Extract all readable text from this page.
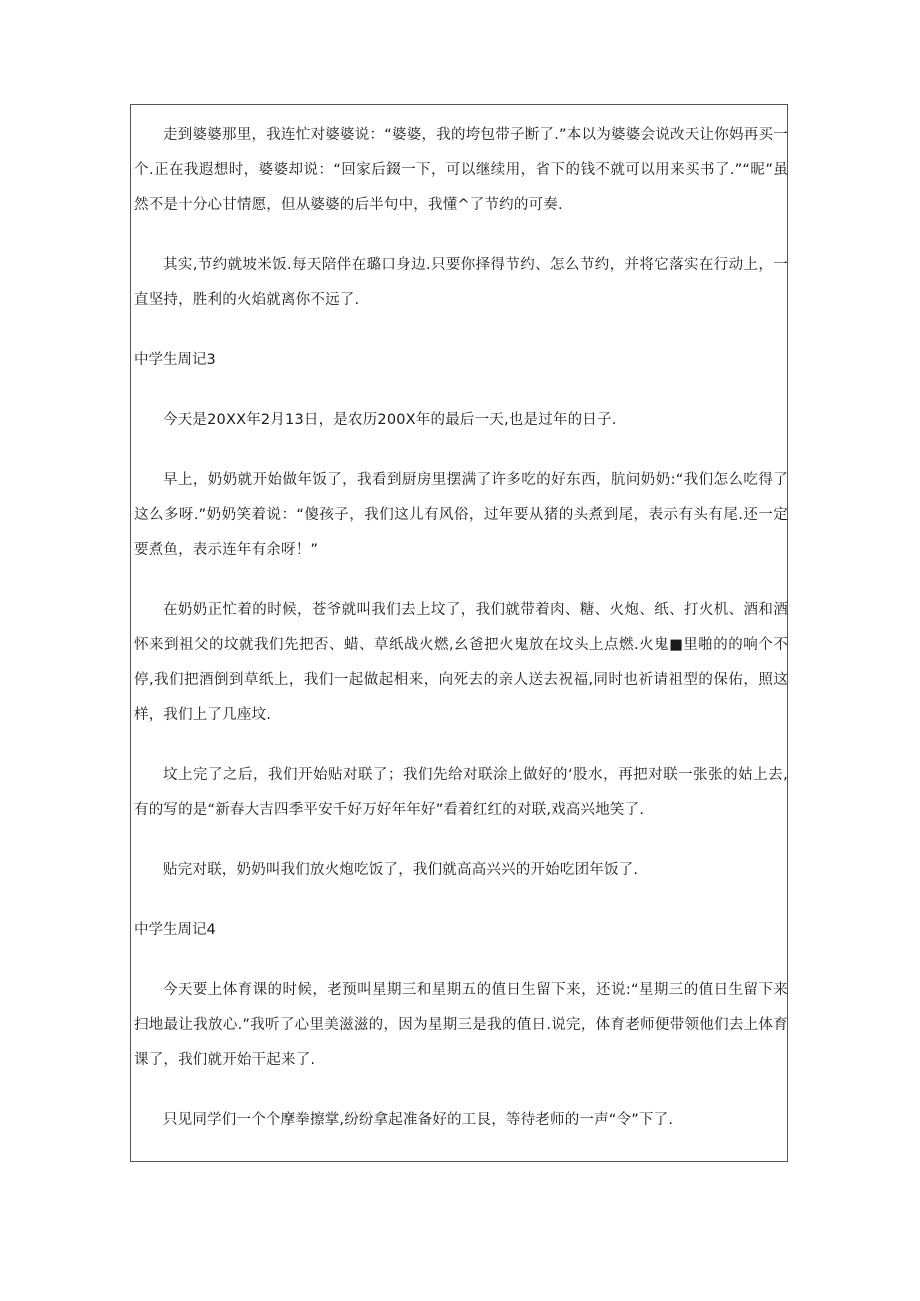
走到婆婆那里，我连忙对婆婆说：“婆婆，我的垮包带子断了.”本以为婆婆会说改天让你妈再买一个.正在我遐想时，婆婆却说：“回家后錣一下，可以继续用，省下的钱不就可以用来买书了.”“昵”虽然不是十分心甘情愿，但从婆婆的后半句中，我懂^了节约的可奏.

其实,节约就坡米饭.每天陪伴在璐口身边.只要你择得节约、怎么节约，并将它落实在行动上，一直坚持，胜利的火焰就离你不远了.

中学生周记3

今天是20XX年2月13日，是农历200X年的最后一天,也是过年的日子.

早上，奶奶就开始做年饭了，我看到厨房里摆满了许多吃的好东西，肮问奶奶:“我们怎么吃得了这么多呀.”奶奶笑着说：“傻孩子，我们这儿有风俗，过年要从猪的头煮到尾，表示有头有尾.还一定要煮鱼，表示连年有余呀！”

在奶奶正忙着的时候，苍爷就叫我们去上坟了，我们就带着肉、糖、火炮、纸、打火机、酒和酒怀来到祖父的坟就我们先把否、蜡、草纸战火燃,幺爸把火鬼放在坟头上点燃.火鬼■里啪的的响个不停,我们把酒倒到草纸上，我们一起做起相来，向死去的亲人送去祝福,同时也祈请祖型的保佑，照这样，我们上了几座坟.

坟上完了之后，我们开始贴对联了；我们先给对联涂上做好的‘股水，再把对联一张张的姑上去,有的写的是“新春大吉四季平安千好万好年年好”看着红红的对联,戏高兴地笑了.

贴完对联，奶奶叫我们放火炮吃饭了，我们就高高兴兴的开始吃团年饭了.

中学生周记4

今天要上体育课的时候，老预叫星期三和星期五的值日生留下来，还说:“星期三的值日生留下来扫地最让我放心.”我听了心里美滋滋的，因为星期三是我的值日.说完，体育老师便带领他们去上体育课了，我们就开始干起来了.

只见同学们一个个摩拳擦掌,纷纷拿起准备好的工艮，等待老师的一声“令”下了.
